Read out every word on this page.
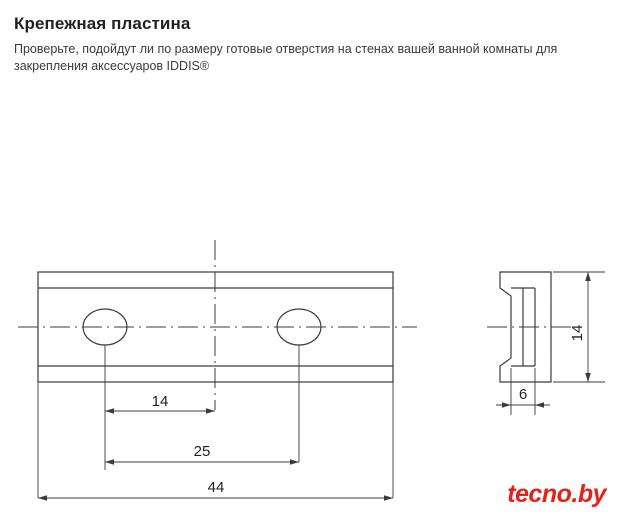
Крепежная пластина

Проверьте, подойдут ли по размеру готовые отверстия на стенах вашей ванной комнаты для закрепления аксессуаров IDDIS®

14
25
44
14
6
tecno.by
